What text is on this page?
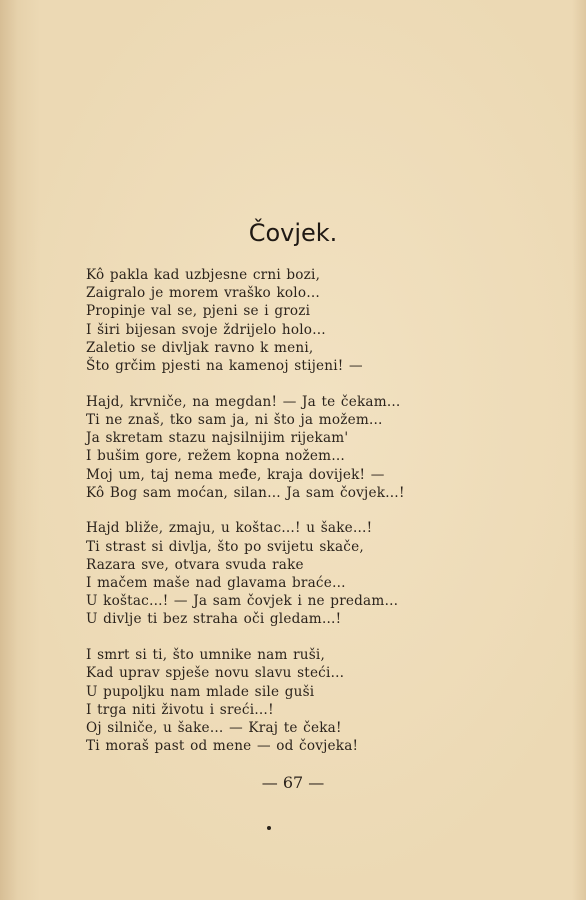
Čovjek.
Kô pakla kad uzbjesne crni bozi,
Zaigralo je morem vraško kolo…
Propinje val se, pjeni se i grozi
I širi bijesan svoje ždrijelo holo…
Zaletio se divljak ravno k meni,
Što grčim pjesti na kamenoj stijeni! —
Hajd, krvniče, na megdan! — Ja te čekam…
Ti ne znaš, tko sam ja, ni što ja možem…
Ja skretam stazu najsilnijim rijekam'
I bušim gore, režem kopna nožem…
Moj um, taj nema međe, kraja dovijek! —
Kô Bog sam moćan, silan… Ja sam čovjek…!
Hajd bliže, zmaju, u koštac…! u šake…!
Ti strast si divlja, što po svijetu skače,
Razara sve, otvara svuda rake
I mačem maše nad glavama braće…
U koštac…! — Ja sam čovjek i ne predam…
U divlje ti bez straha oči gledam…!
I smrt si ti, što umnike nam ruši,
Kad uprav spješe novu slavu steći…
U pupoljku nam mlade sile guši
I trga niti životu i sreći…!
Oj silniče, u šake… — Kraj te čeka!
Ti moraš past od mene — od čovjeka!
— 67 —
